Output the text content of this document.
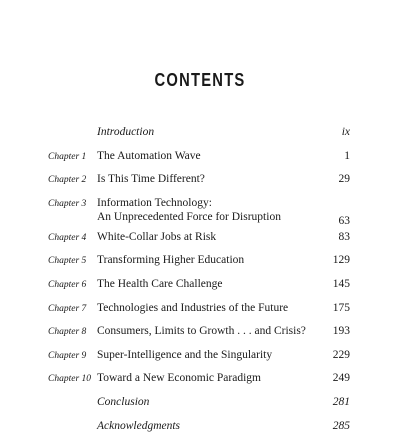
CONTENTS
Introduction	ix
Chapter 1 The Automation Wave	1
Chapter 2 Is This Time Different?	29
Chapter 3 Information Technology:
An Unprecedented Force for Disruption	63
Chapter 4 White-Collar Jobs at Risk	83
Chapter 5 Transforming Higher Education	129
Chapter 6 The Health Care Challenge	145
Chapter 7 Technologies and Industries of the Future	175
Chapter 8 Consumers, Limits to Growth . . . and Crisis?	193
Chapter 9 Super-Intelligence and the Singularity	229
Chapter 10 Toward a New Economic Paradigm	249
Conclusion	281
Acknowledgments	285
